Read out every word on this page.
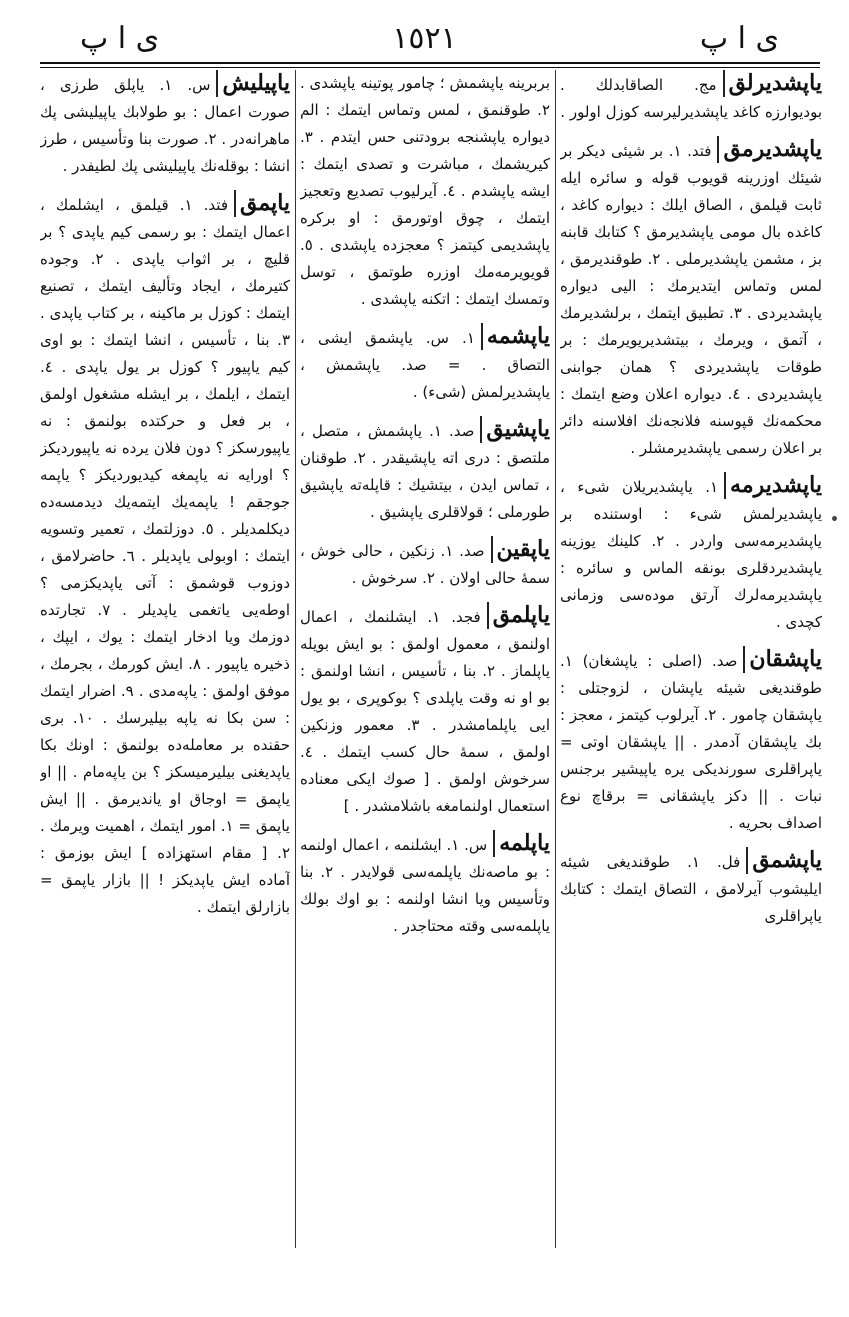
ى ا پ
١٥٢١
ى ا پ

یاپشدیرلقمج. الصاقابدلك . بودیوارزه کاغد یاپشدیرلیرسه کوزل اولور .

یاپشدیرمقفتد. ١. بر شیئی دیکر بر شیئك اوزرینه قویوب قوله و سائره ایله ثابت قیلمق ، الصاق ایلك : دیواره کاغد ، کاغده بال مومی یاپشدیرمق ؟ کتابك قابنه بز ، مشمن یاپشدیرملی . ٢. طوقندیرمق ، لمس وتماس ایتدیرمك : الیی دیواره یاپشدیردی . ٣. تطبیق ایتمك ، برلشدیرمك ، آتمق ، ویرمك ، بیتشدیریویرمك : بر طوقات یاپشدیردی ؟ همان جوابنی یاپشدیردی . ٤. دیواره اعلان وضع ایتمك : محکمه‌نك قپوسنه فلانجه‌نك افلاسنه دائر بر اعلان رسمی یاپشدیرمشلر .

یاپشدیرمه١. یاپشدیریلان شیء ، یاپشدیرلمش شیء : اوستنده بر یاپشدیرمه‌سی واردر . ٢. کلینك یوزینه یاپشدیردقلری بونقه الماس و سائره : یاپشدیرمه‌لرك آرتق موده‌سی وزمانی کچدی .

یاپشقانصد. (اصلی : یاپشغان) ١. طوقندیغی شیئه یاپشان ، لزوجتلی : یاپشقان چامور . ٢. آیرلوب کیتمز ، معجز : بك یاپشقان آدمدر . || یاپشقان اوتی = یاپراقلری سورندیکی یره یاپیشیر برجنس نبات . || دکز یاپشقانی = برقاچ نوع اصداف بحریه .

یاپشمقفل. ١. طوقندیغی شیئه ایلیشوب آیرلامق ، التصاق ایتمك : کتابك یاپراقلری

بربرینه یاپشمش ؛ چامور پوتینه یاپشدی . ٢. طوقنمق ، لمس وتماس ایتمك : الم دیواره یاپشنجه برودتنی حس ایتدم . ٣. کیریشمك ، مباشرت و تصدی ایتمك : ایشه یاپشدم . ٤. آیرلیوب تصدیع وتعجیز ایتمك ، چوق اوتورمق : او برکره یاپشدیمی کیتمز ؟ معجزده یاپشدی . ٥. قویویرمه‌مك اوزره طوتمق ، توسل وتمسك ایتمك : اتکنه یاپشدی .

یاپشمه١. س. یاپشمق ایشی ، التصاق . = صد. یاپشمش ، یاپشدیرلمش (شیء) .

یاپشیقصد. ١. یاپشمش ، متصل ، ملتصق : دری اته یاپشیقدر . ٢. طوقنان ، تماس ایدن ، بیتشیك : قاپله‌ته یاپشیق طورملی ؛ قولاقلری یاپشیق .

یاپقینصد. ١. زنکین ، حالی خوش ، سمهٔ حالی اولان . ٢. سرخوش .

یاپلمقفجد. ١. ایشلنمك ، اعمال اولنمق ، معمول اولمق : بو ایش بویله یاپلماز . ٢. بنا ، تأسیس ، انشا اولنمق : بو او نه وقت یاپلدی ؟ بوکوپری ، بو یول ایی یاپلمامشدر . ٣. معمور وزنکین اولمق ، سمهٔ حال کسب ایتمك . ٤. سرخوش اولمق . [ صوك ایکی معناده استعمال اولنمامغه باشلامشدر . ]

یاپلمهس. ١. ایشلنمه ، اعمال اولنمه : بو ماصه‌نك یاپلمه‌سی قولایدر . ٢. بنا وتأسیس ویا انشا اولنمه : بو اوك بولك یاپلمه‌سی وقته محتاجدر .

یاپیلیشس. ١. یاپلق طرزی ، صورت اعمال : بو طولابك یاپیلیشی پك ماهرانه‌در . ٢. صورت بنا وتأسیس ، طرز انشا : بوقله‌نك یاپیلیشی پك لطیفدر .

یاپمقفتد. ١. قیلمق ، ایشلمك ، اعمال ایتمك : بو رسمی کیم یاپدی ؟ بر قلیچ ، بر اثواب یاپدی . ٢. وجوده کتیرمك ، ایجاد وتألیف ایتمك ، تصنیع ایتمك : کوزل بر ماکینه ، بر کتاب یاپدی . ٣. بنا ، تأسیس ، انشا ایتمك : بو اوی کیم یاپیور ؟ کوزل بر یول یاپدی . ٤. ایتمك ، ایلمك ، بر ایشله مشغول اولمق ، بر فعل و حرکتده بولنمق : نه یاپیورسکز ؟ دون فلان یرده نه یاپیوردیکز ؟ اورایه نه یاپمغه کیدیوردیکز ؟ یاپمه جوجقم ! یاپمه‌یك ایتمه‌یك دیدمسه‌ده دیکلمدیلر . ٥. دوزلتمك ، تعمیر وتسویه ایتمك : اوبولی یاپدیلر . ٦. حاضرلامق ، دوزوب قوشمق : آتی یاپدیکزمی ؟ اوطه‌یی یاتغمی یاپدیلر . ٧. تجارتده دوزمك ویا ادخار ایتمك : یوك ، ایپك ، ذخیره یاپیور . ٨. ایش کورمك ، بجرمك ، موفق اولمق : یاپه‌مدی . ٩. اضرار ایتمك : سن بکا نه یاپه بیلیرسك . ١٠. بری حقنده بر معامله‌ده بولنمق : اونك بکا یاپدیغنی بیلیرمیسکز ؟ بن یاپه‌مام . || او یاپمق = اوجاق او یاندیرمق . || ایش یاپمق = ١. امور ایتمك ، اهمیت ویرمك . ٢. [ مقام استهزاده ] ایش بوزمق : آماده ایش یاپدیکز ! || بازار یاپمق = بازارلق ایتمك .
